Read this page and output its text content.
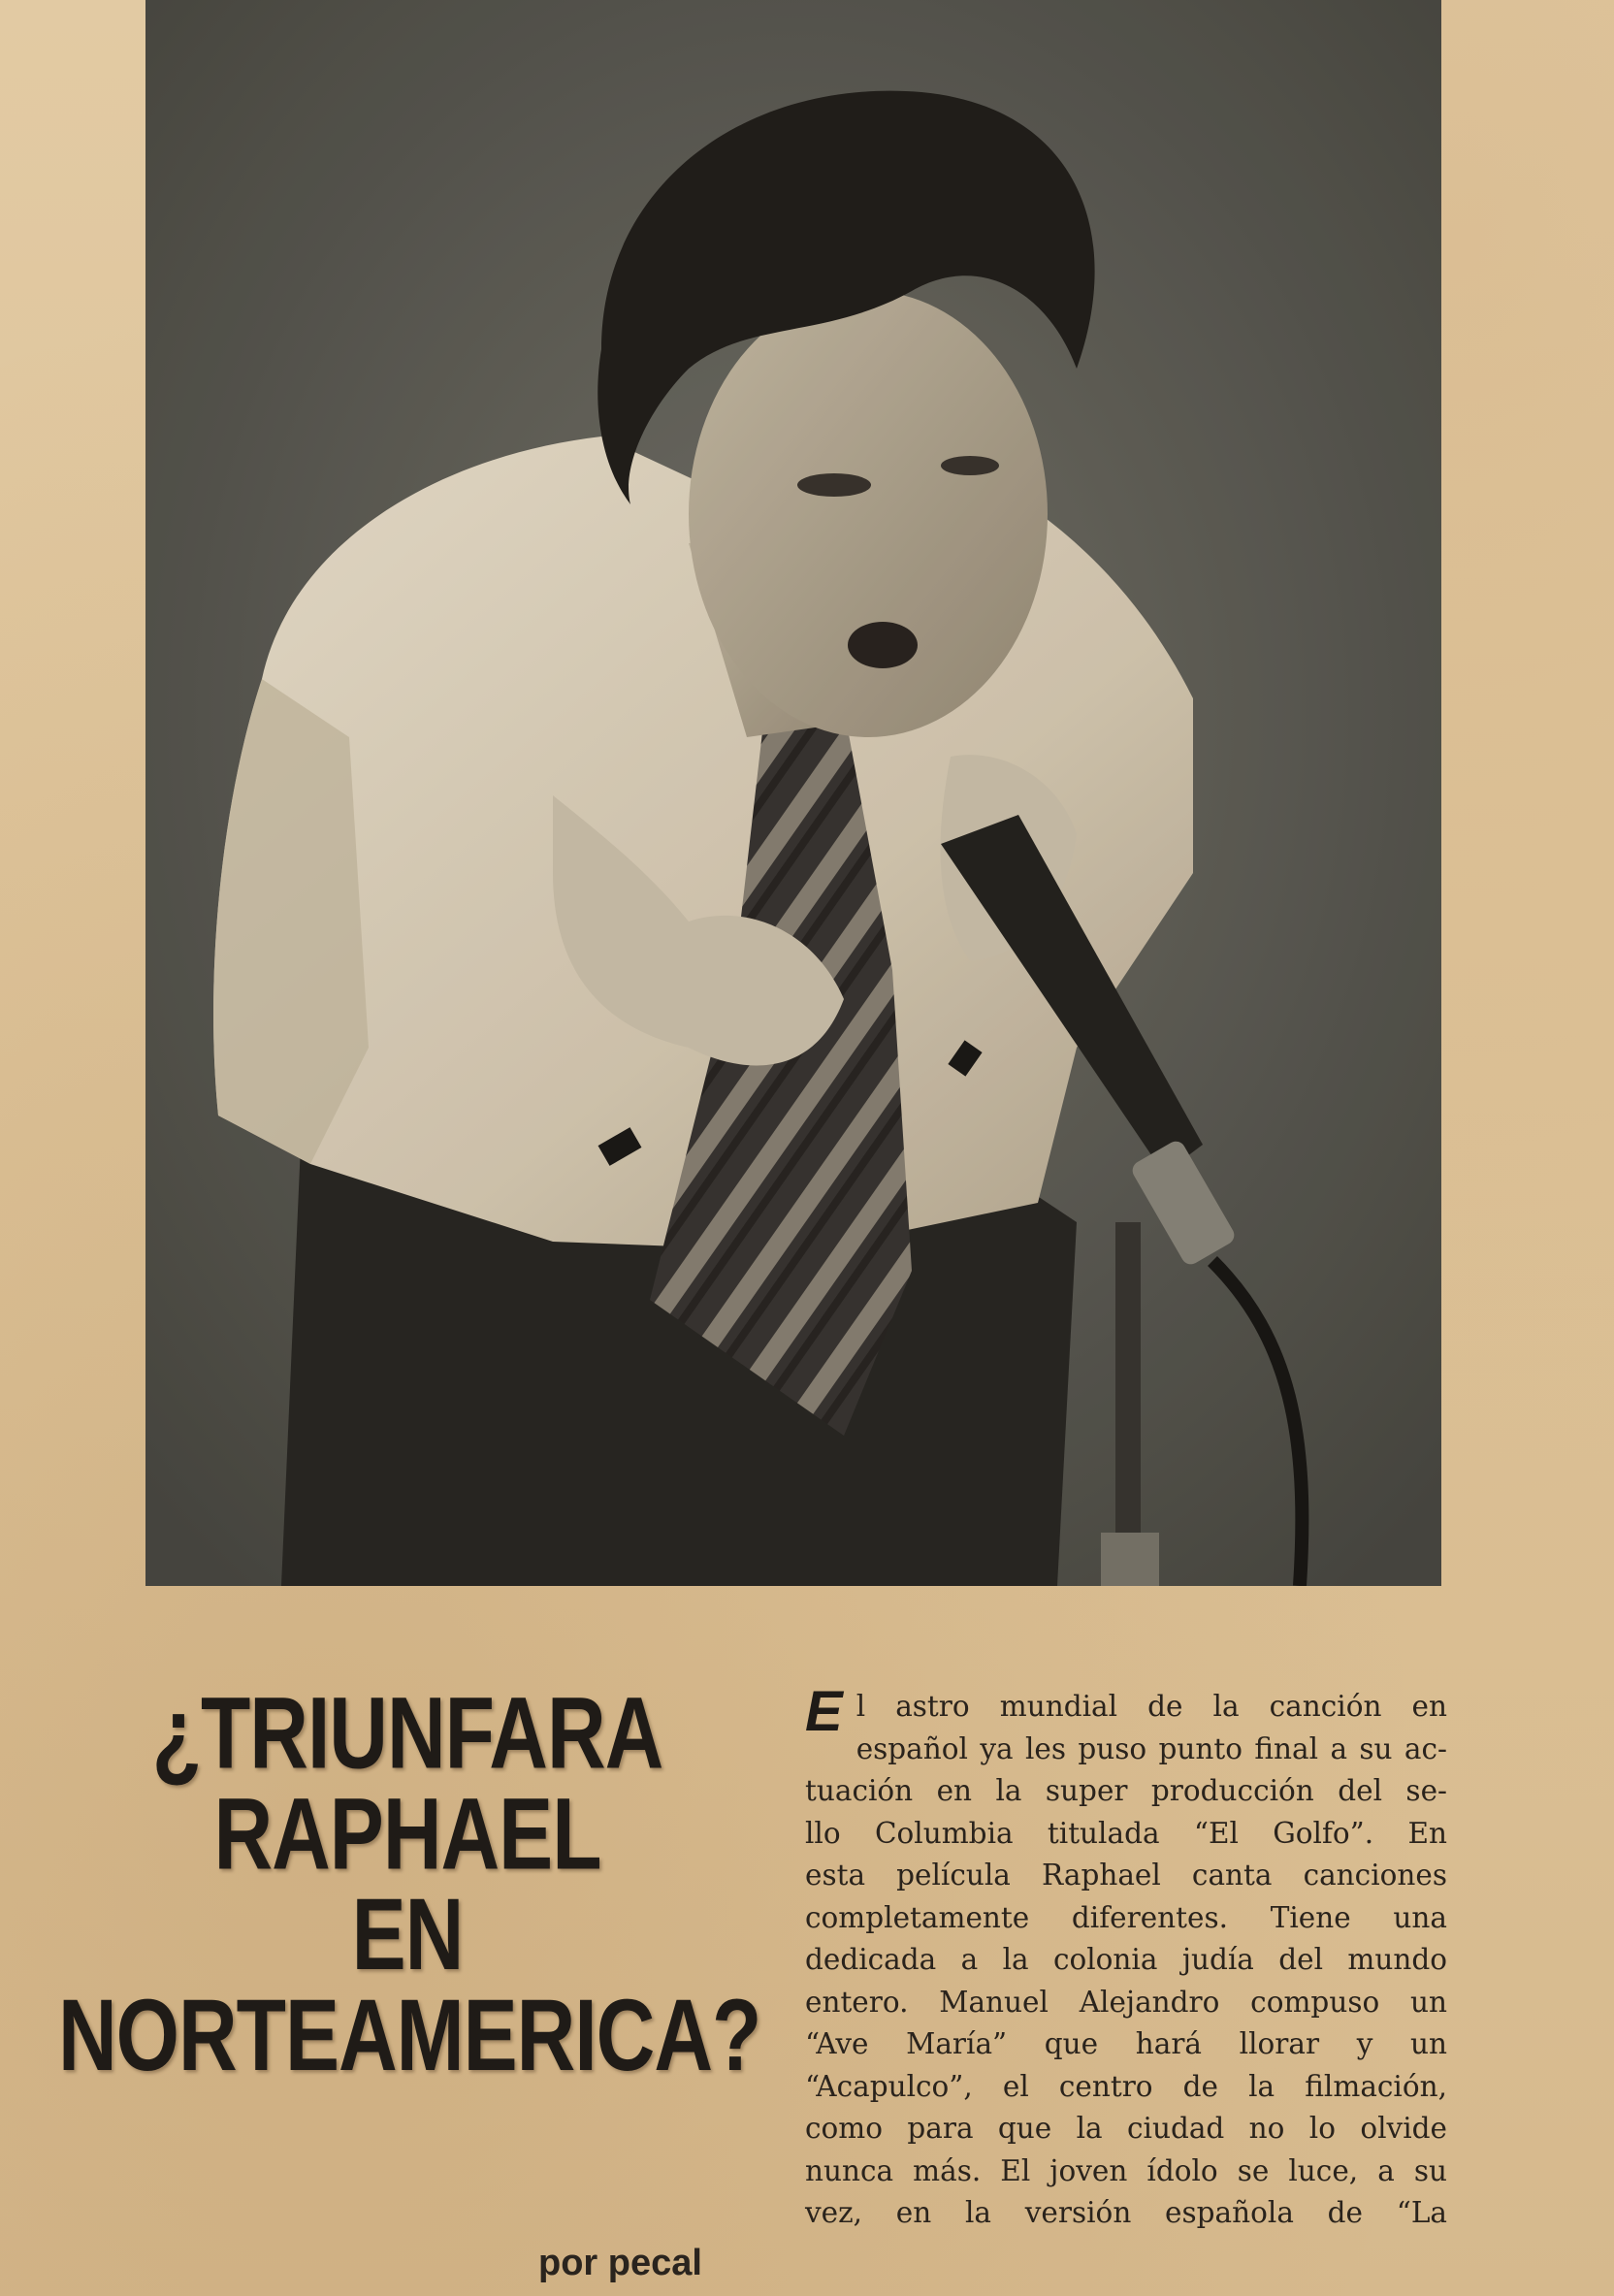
¿TRIUNFARA
RAPHAEL
EN
NORTEAMERICA?
por pecal
E l astro mundial de la canción en
español ya les puso punto final a su ac-
tuación en la super producción del se-
llo Columbia titulada “El Golfo”. En
esta película Raphael canta canciones
completamente diferentes. Tiene una
dedicada a la colonia judía del mundo
entero. Manuel Alejandro compuso un
“Ave María” que hará llorar y un
“Acapulco”, el centro de la filmación,
como para que la ciudad no lo olvide
nunca más. El joven ídolo se luce, a su
vez, en la versión española de “La
